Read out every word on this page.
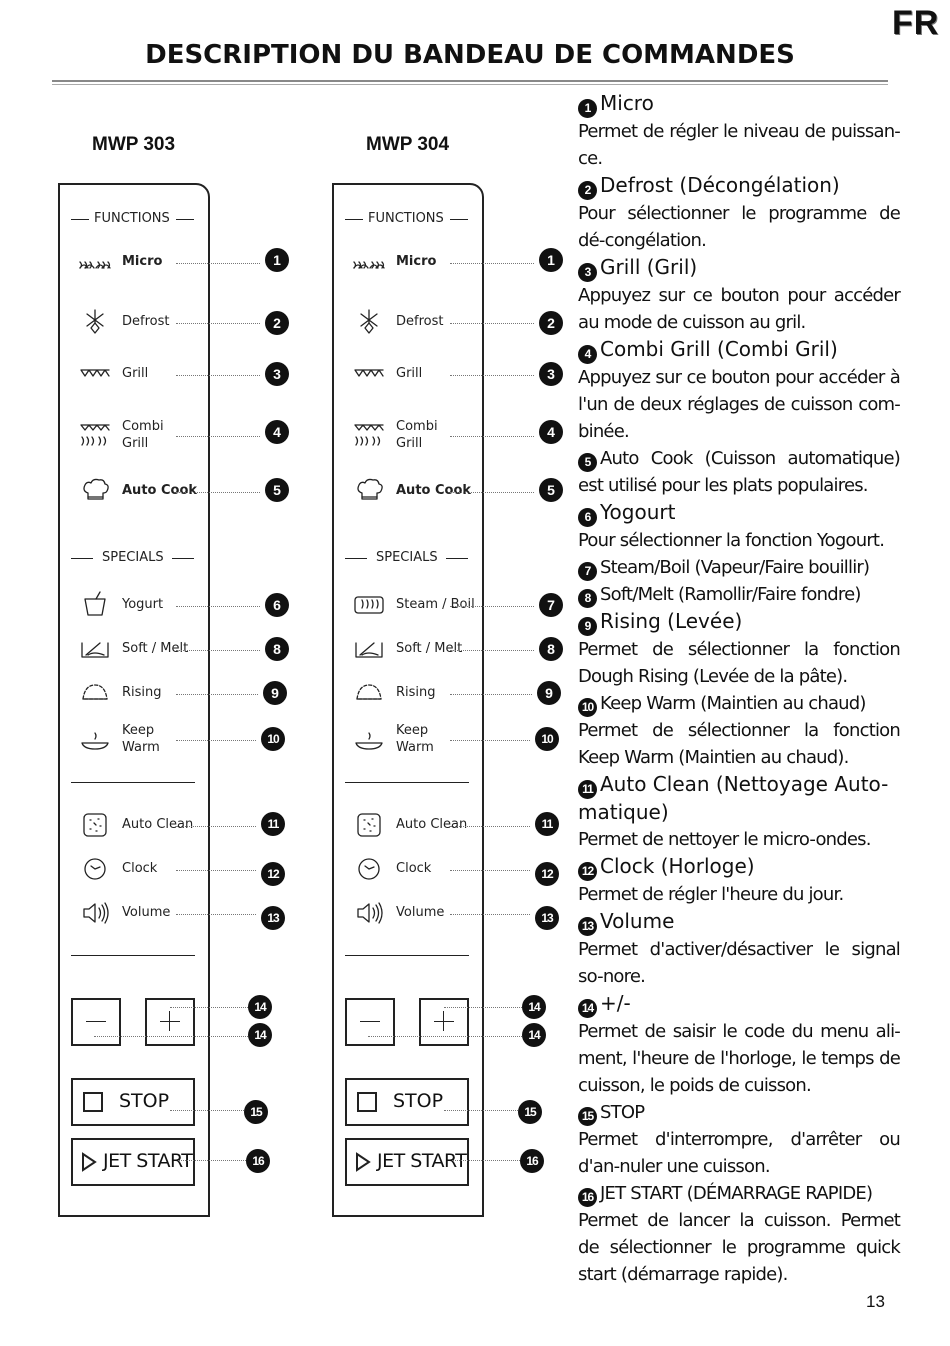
FR
DESCRIPTION DU BANDEAU DE COMMANDES
MWP 303
FUNCTIONS
SPECIALS
Micro	1
Defrost	2
Grill	3
Combi
Grill
4
Auto Cook	5
Yogurt	6
Soft / Melt	8
Rising	9
Keep
Warm
10
Auto Clean	11
Clock	12
Volume	13
14
14
STOP	15
JET START	16
MWP 304
FUNCTIONS
SPECIALS
Micro	1
Defrost	2
Grill	3
Combi
Grill
4
Auto Cook	5
Steam / Boil	7
Soft / Melt	8
Rising	9
Keep
Warm
10
Auto Clean	11
Clock	12
Volume	13
14
14
STOP	15
JET START	16
1 Micro
Permet de régler le niveau de puissan-ce.
2 Defrost (Décongélation)
Pour sélectionner le programme de dé-congélation.
3 Grill (Gril)
Appuyez sur ce bouton pour accéder au mode de cuisson au gril.
4 Combi Grill (Combi Gril)
Appuyez sur ce bouton pour accéder à l'un de deux réglages de cuisson com-binée.
5 Auto Cook (Cuisson automatique) est utilisé pour les plats populaires.
6 Yogourt
Pour sélectionner la fonction Yogourt.
7 Steam/Boil (Vapeur/Faire bouillir)
8 Soft/Melt (Ramollir/Faire fondre)
9 Rising (Levée)
Permet de sélectionner la fonction Dough Rising (Levée de la pâte).
10 Keep Warm (Maintien au chaud)
Permet de sélectionner la fonction Keep Warm (Maintien au chaud).
11 Auto Clean (Nettoyage Auto-matique)
Permet de nettoyer le micro-ondes.
12 Clock (Horloge)
Permet de régler l'heure du jour.
13 Volume
Permet d'activer/désactiver le signal so-nore.
14 +/-
Permet de saisir le code du menu ali-ment, l'heure de l'horloge, le temps de cuisson, le poids de cuisson.
15 STOP
Permet d'interrompre, d'arrêter ou d'an-nuler une cuisson.
16 JET START (DÉMARRAGE RAPIDE)
Permet de lancer la cuisson. Permet de sélectionner le programme quick start (démarrage rapide).
13
